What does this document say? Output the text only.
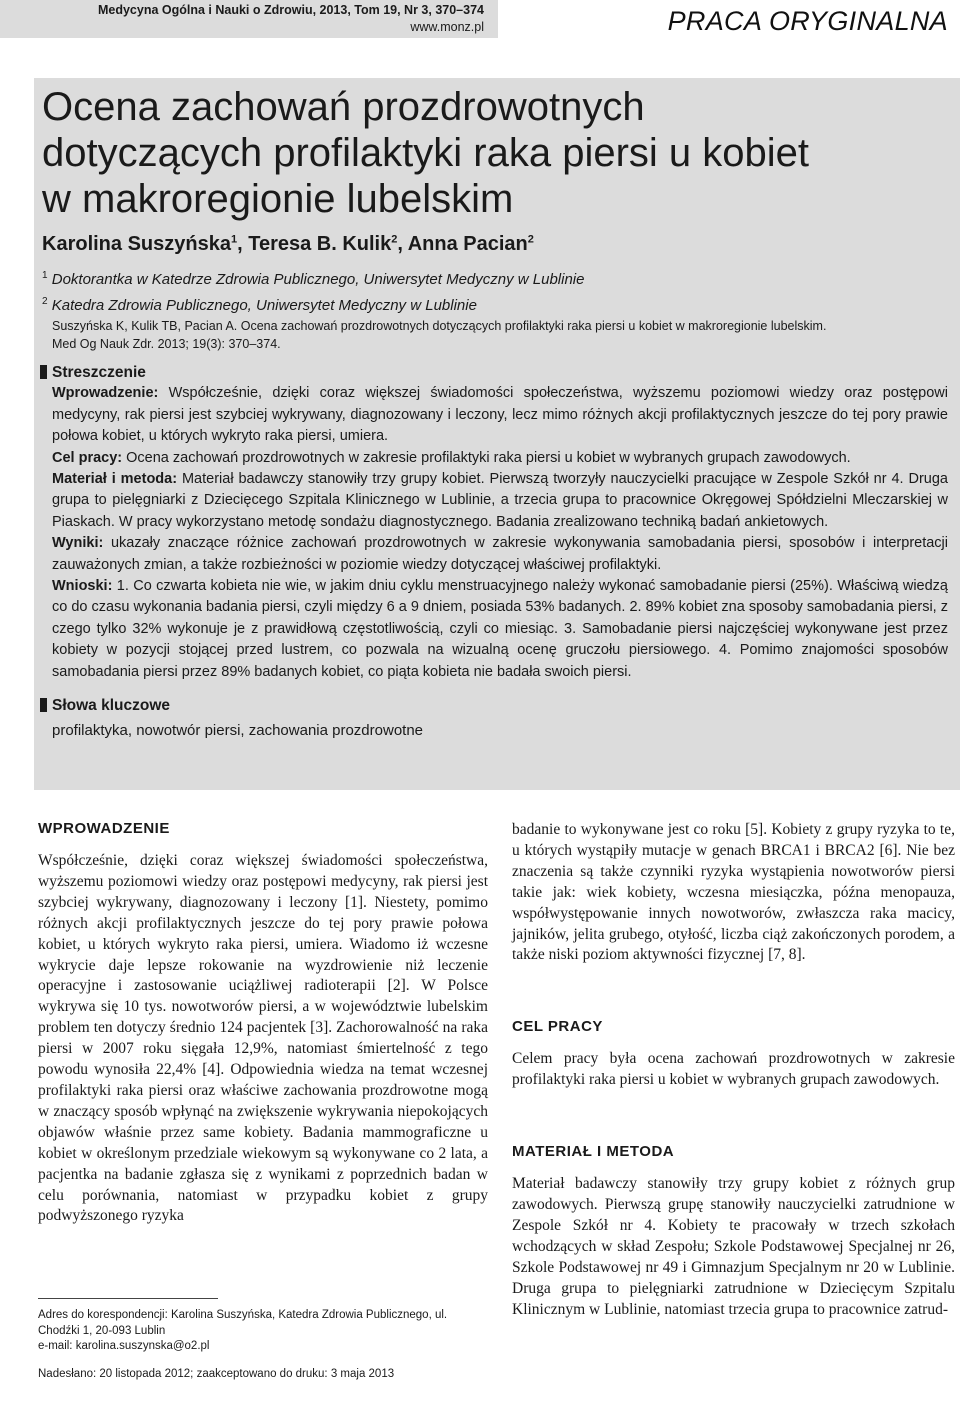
Medycyna Ogólna i Nauki o Zdrowiu, 2013, Tom 19, Nr 3, 370–374
www.monz.pl	PRACA ORYGINALNA
Ocena zachowań prozdrowotnych
dotyczących profilaktyki raka piersi u kobiet
w makroregionie lubelskim
Karolina Suszyńska$^1$, Teresa B. Kulik$^2$, Anna Pacian$^2$
$^1$ Doktorantka w Katedrze Zdrowia Publicznego, Uniwersytet Medyczny w Lublinie
$^2$ Katedra Zdrowia Publicznego, Uniwersytet Medyczny w Lublinie
Suszyńska K, Kulik TB, Pacian A. Ocena zachowań prozdrowotnych dotyczących profilaktyki raka piersi u kobiet w makroregionie lubelskim.
Med Og Nauk Zdr. 2013; 19(3): 370–374.
Streszczenie

Wprowadzenie: Współcześnie, dzięki coraz większej świadomości społeczeństwa, wyższemu poziomowi wiedzy oraz postępowi medycyny, rak piersi jest szybciej wykrywany, diagnozowany i leczony, lecz mimo różnych akcji profilaktycznych jeszcze do tej pory prawie połowa kobiet, u których wykryto raka piersi, umiera.

Cel pracy: Ocena zachowań prozdrowotnych w zakresie profilaktyki raka piersi u kobiet w wybranych grupach zawodowych.

Materiał i metoda: Materiał badawczy stanowiły trzy grupy kobiet. Pierwszą tworzyły nauczycielki pracujące w Zespole Szkół nr 4. Druga grupa to pielęgniarki z Dziecięcego Szpitala Klinicznego w Lublinie, a trzecia grupa to pracownice Okręgowej Spółdzielni Mleczarskiej w Piaskach. W pracy wykorzystano metodę sondażu diagnostycznego. Badania zrealizowano techniką badań ankietowych.

Wyniki: ukazały znaczące różnice zachowań prozdrowotnych w zakresie wykonywania samobadania piersi, sposobów i interpretacji zauważonych zmian, a także rozbieżności w poziomie wiedzy dotyczącej właściwej profilaktyki.

Wnioski: 1. Co czwarta kobieta nie wie, w jakim dniu cyklu menstruacyjnego należy wykonać samobadanie piersi (25%). Właściwą wiedzą co do czasu wykonania badania piersi, czyli między 6 a 9 dniem, posiada 53% badanych. 2. 89% kobiet zna sposoby samobadania piersi, z czego tylko 32% wykonuje je z prawidłową częstotliwością, czyli co miesiąc. 3. Samobadanie piersi najczęściej wykonywane jest przez kobiety w pozycji stojącej przed lustrem, co pozwala na wizualną ocenę gruczołu piersiowego. 4. Pomimo znajomości sposobów samobadania piersi przez 89% badanych kobiet, co piąta kobieta nie badała swoich piersi.

Słowa kluczowe
profilaktyka, nowotwór piersi, zachowania prozdrowotne
WPROWADZENIE

Współcześnie, dzięki coraz większej świadomości społeczeństwa, wyższemu poziomowi wiedzy oraz postępowi medycyny, rak piersi jest szybciej wykrywany, diagnozowany i leczony [1]. Niestety, pomimo różnych akcji profilaktycznych jeszcze do tej pory prawie połowa kobiet, u których wykryto raka piersi, umiera. Wiadomo iż wczesne wykrycie daje lepsze rokowanie na wyzdrowienie niż leczenie operacyjne i zastosowanie uciążliwej radioterapii [2]. W Polsce wykrywa się 10 tys. nowotworów piersi, a w województwie lubelskim problem ten dotyczy średnio 124 pacjentek [3]. Zachorowalność na raka piersi w 2007 roku sięgała 12,9%, natomiast śmiertelność z tego powodu wynosiła 22,4% [4]. Odpowiednia wiedza na temat wczesnej profilaktyki raka piersi oraz właściwe zachowania prozdrowotne mogą w znaczący sposób wpłynąć na zwiększenie wykrywania niepokojących objawów właśnie przez same kobiety. Badania mammograficzne u kobiet w określonym przedziale wiekowym są wykonywane co 2 lata, a pacjentka na badanie zgłasza się z wynikami z poprzednich badan w celu porównania, natomiast w przypadku kobiet z grupy podwyższonego ryzyka

badanie to wykonywane jest co roku [5]. Kobiety z grupy ryzyka to te, u których wystąpiły mutacje w genach BRCA1 i BRCA2 [6]. Nie bez znaczenia są także czynniki ryzyka wystąpienia nowotworów piersi takie jak: wiek kobiety, wczesna miesiączka, późna menopauza, współwystępowanie innych nowotworów, zwłaszcza raka macicy, jajników, jelita grubego, otyłość, liczba ciąż zakończonych porodem, a także niski poziom aktywności fizycznej [7, 8].

CEL PRACY

Celem pracy była ocena zachowań prozdrowotnych w zakresie profilaktyki raka piersi u kobiet w wybranych grupach zawodowych.

MATERIAŁ I METODA

Materiał badawczy stanowiły trzy grupy kobiet z różnych grup zawodowych. Pierwszą grupę stanowiły nauczycielki zatrudnione w Zespole Szkół nr 4. Kobiety te pracowały w trzech szkołach wchodzących w skład Zespołu; Szkole Podstawowej Specjalnej nr 26, Szkole Podstawowej nr 49 i Gimnazjum Specjalnym nr 20 w Lublinie. Druga grupa to pielęgniarki zatrudnione w Dziecięcym Szpitalu Klinicznym w Lublinie, natomiast trzecia grupa to pracownice zatrud-

Adres do korespondencji: Karolina Suszyńska, Katedra Zdrowia Publicznego, ul. Chodźki 1, 20-093 Lublin

e-mail: karolina.suszynska@o2.pl

Nadesłano: 20 listopada 2012; zaakceptowano do druku: 3 maja 2013
